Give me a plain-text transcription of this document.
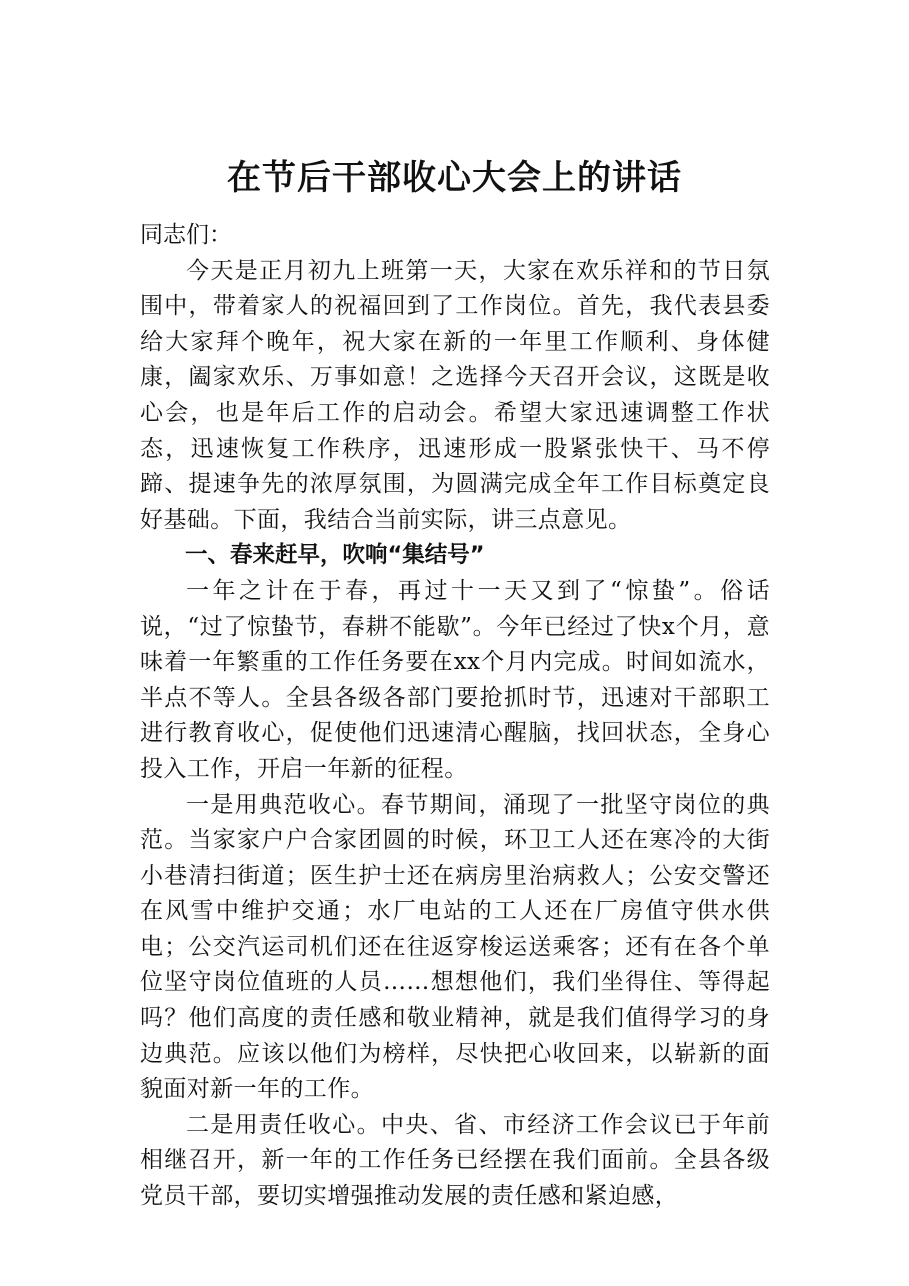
在节后干部收心大会上的讲话

同志们：

今天是正月初九上班第一天，大家在欢乐祥和的节日氛围中，带着家人的祝福回到了工作岗位。首先，我代表县委给大家拜个晚年，祝大家在新的一年里工作顺利、身体健康，阖家欢乐、万事如意！之选择今天召开会议，这既是收心会，也是年后工作的启动会。希望大家迅速调整工作状态，迅速恢复工作秩序，迅速形成一股紧张快干、马不停蹄、提速争先的浓厚氛围，为圆满完成全年工作目标奠定良好基础。下面，我结合当前实际，讲三点意见。

一、春来赶早，吹响“集结号”

一年之计在于春，再过十一天又到了“惊蛰”。俗话说，“过了惊蛰节，春耕不能歇”。今年已经过了快x个月，意味着一年繁重的工作任务要在xx个月内完成。时间如流水，半点不等人。全县各级各部门要抢抓时节，迅速对干部职工进行教育收心，促使他们迅速清心醒脑，找回状态，全身心投入工作，开启一年新的征程。

一是用典范收心。春节期间，涌现了一批坚守岗位的典范。当家家户户合家团圆的时候，环卫工人还在寒冷的大街小巷清扫街道；医生护士还在病房里治病救人；公安交警还在风雪中维护交通；水厂电站的工人还在厂房值守供水供电；公交汽运司机们还在往返穿梭运送乘客；还有在各个单位坚守岗位值班的人员……想想他们，我们坐得住、等得起吗？他们高度的责任感和敬业精神，就是我们值得学习的身边典范。应该以他们为榜样，尽快把心收回来，以崭新的面貌面对新一年的工作。

二是用责任收心。中央、省、市经济工作会议已于年前相继召开，新一年的工作任务已经摆在我们面前。全县各级党员干部，要切实增强推动发展的责任感和紧迫感，
